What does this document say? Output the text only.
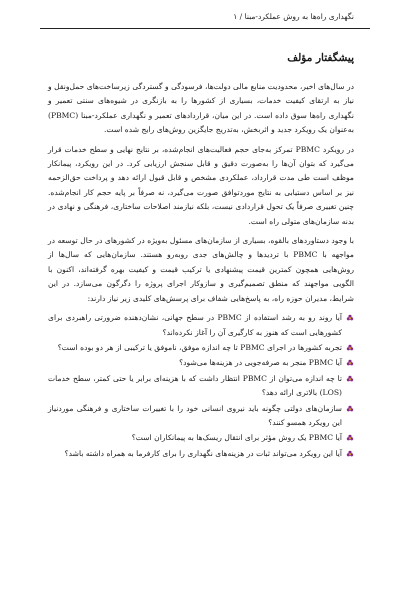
نگهداری راه‌ها به روش عملکرد-مبنا / ۱
پیشگفتار مؤلف

در سال‌های اخیر، محدودیت منابع مالی دولت‌ها، فرسودگی و گستردگی زیرساخت‌های حمل‌ونقل و نیاز به ارتقای کیفیت خدمات، بسیاری از کشورها را به بازنگری در شیوه‌های سنتی تعمیر و نگهداری راه‌ها سوق داده است. در این میان، قراردادهای تعمیر و نگهداری عملکرد-مبنا (PBMC) به‌عنوان یک رویکرد جدید و اثربخش، به‌تدریج جایگزین روش‌های رایج شده است.

در رویکرد PBMC تمرکز به‌جای حجم فعالیت‌های انجام‌شده، بر نتایج نهایی و سطح خدمات قرار می‌گیرد که بتوان آن‌ها را به‌صورت دقیق و قابل سنجش ارزیابی کرد. در این رویکرد، پیمانکار موظف است طی مدت قرارداد، عملکردی مشخص و قابل قبول ارائه دهد و پرداخت حق‌الزحمه نیز بر اساس دستیابی به نتایج موردتوافق صورت می‌گیرد، نه صرفاً بر پایه حجم کار انجام‌شده. چنین تغییری صرفاً یک تحول قراردادی نیست، بلکه نیازمند اصلاحات ساختاری، فرهنگی و نهادی در بدنه سازمان‌های متولی راه است.

با وجود دستاوردهای بالقوه، بسیاری از سازمان‌های مسئول به‌ویژه در کشورهای در حال توسعه در مواجهه با PBMC با تردیدها و چالش‌های جدی روبه‌رو هستند. سازمان‌هایی که سال‌ها از روش‌هایی همچون کمترین قیمت پیشنهادی یا ترکیب قیمت و کیفیت بهره گرفته‌اند، اکنون با الگویی مواجهند که منطق تصمیم‌گیری و سازوکار اجرای پروژه را دگرگون می‌سازد. در این شرایط، مدیران حوزه راه، به پاسخ‌هایی شفاف برای پرسش‌های کلیدی زیر نیاز دارند:

آیا روند رو به رشد استفاده از PBMC در سطح جهانی، نشان‌دهنده ضرورتی راهبردی برای کشورهایی است که هنوز به کارگیری آن را آغاز نکرده‌اند؟
تجربه کشورها در اجرای PBMC تا چه اندازه موفق، ناموفق یا ترکیبی از هر دو بوده است؟
آیا PBMC منجر به صرفه‌جویی در هزینه‌ها می‌شود؟
تا چه اندازه می‌توان از PBMC انتظار داشت که با هزینه‌ای برابر یا حتی کمتر، سطح خدمات (LOS) بالاتری ارائه دهد؟
سازمان‌های دولتی چگونه باید نیروی انسانی خود را با تغییرات ساختاری و فرهنگی موردنیاز این رویکرد همسو کنند؟
آیا PBMC یک روش مؤثر برای انتقال ریسک‌ها به پیمانکاران است؟
آیا این رویکرد می‌تواند ثبات در هزینه‌های نگهداری را برای کارفرما به همراه داشته باشد؟
